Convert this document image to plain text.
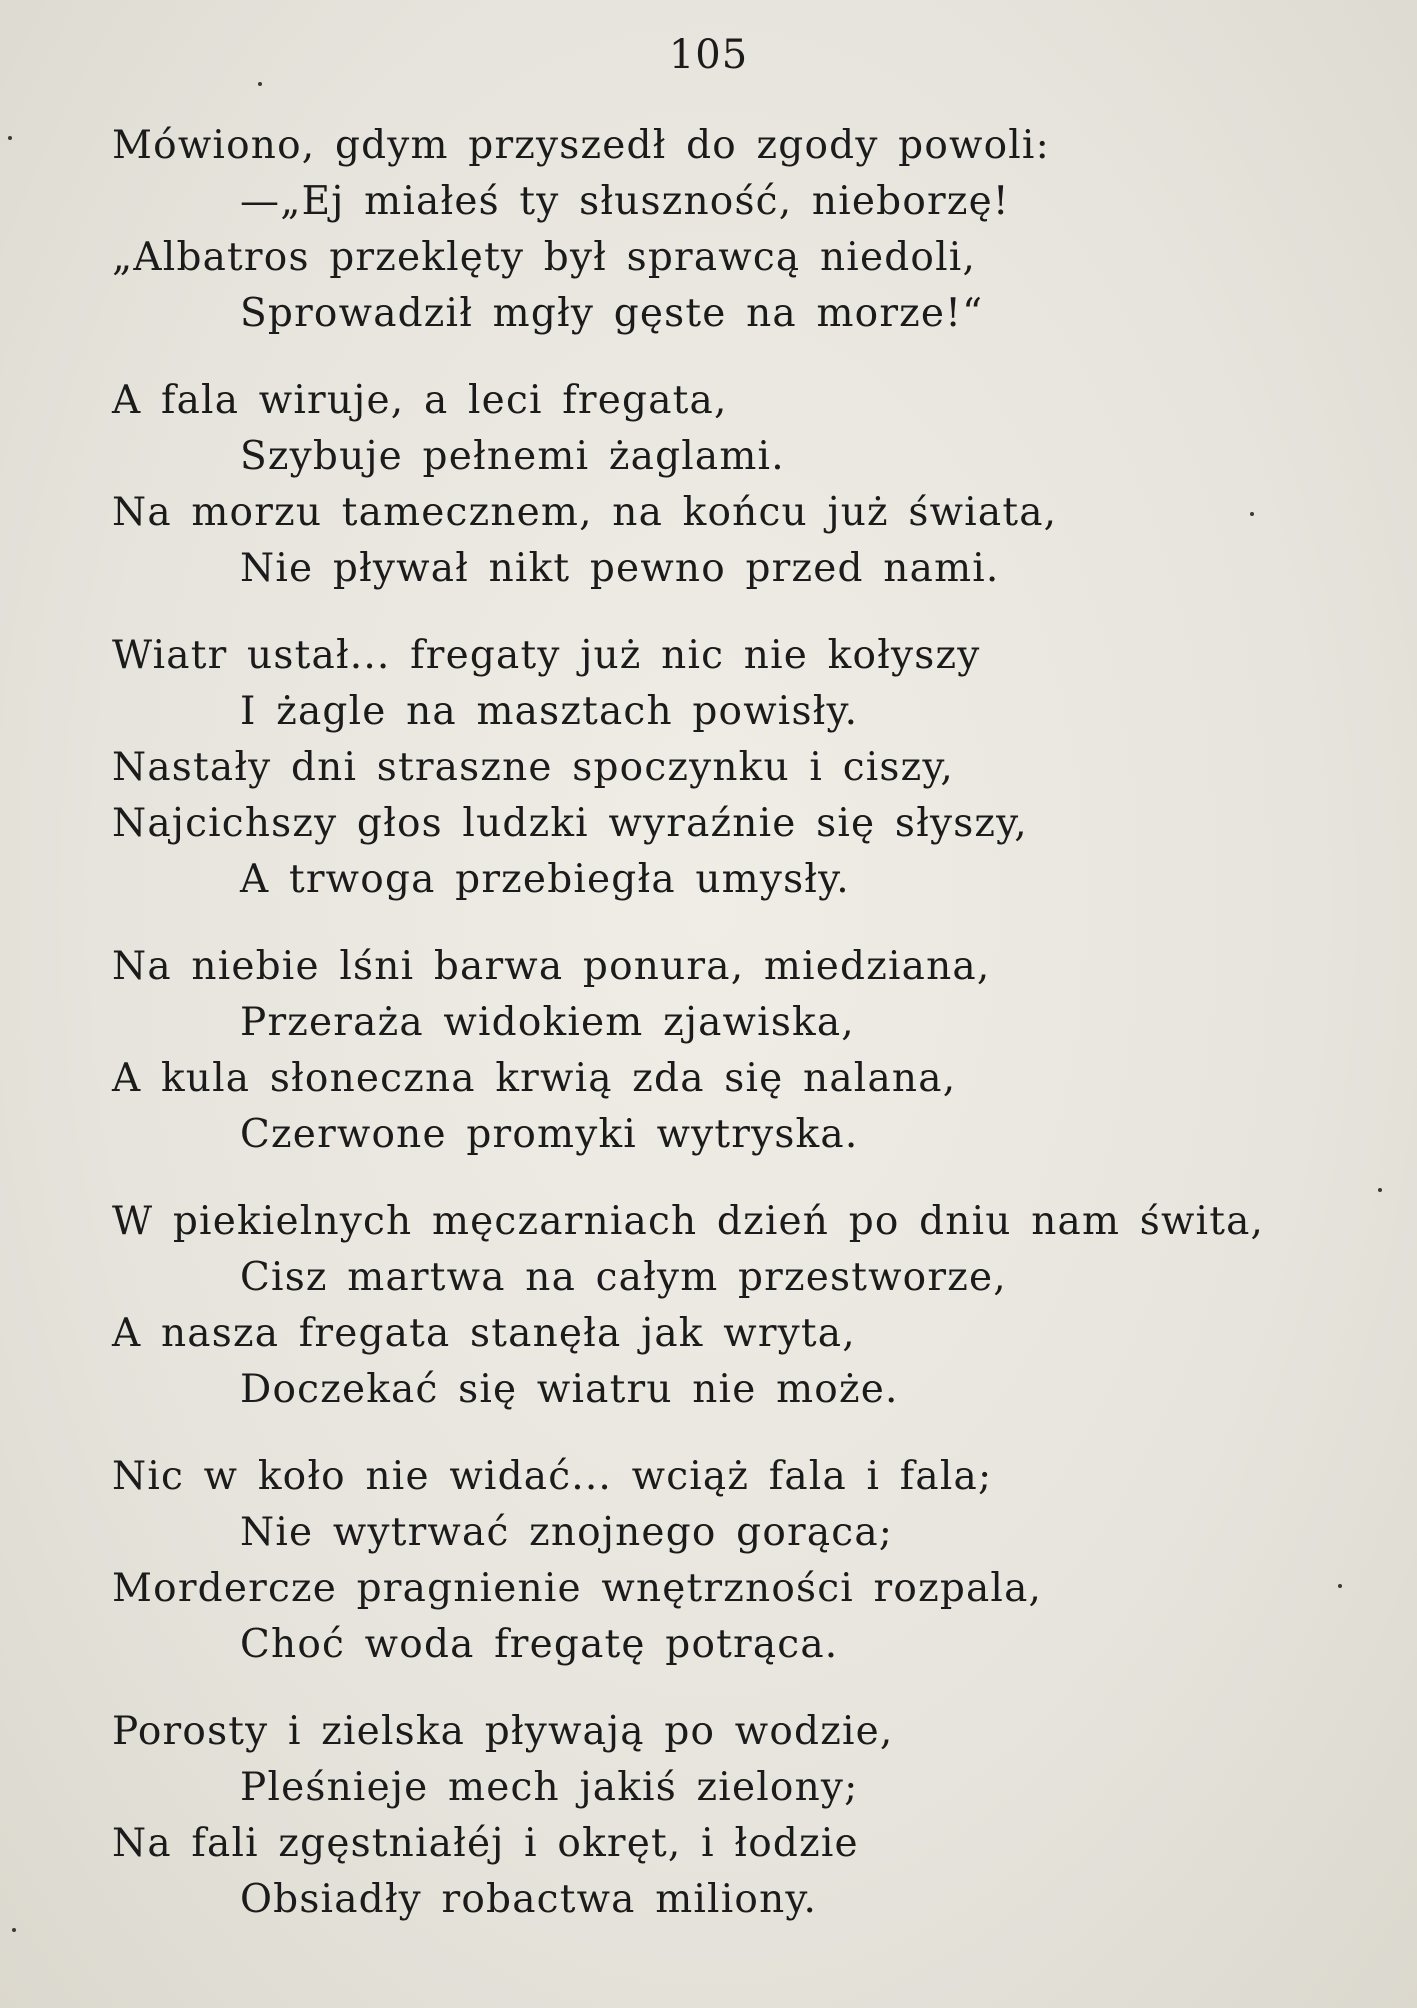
105
Mówiono, gdym przyszedł do zgody powoli:
—„Ej miałeś ty słuszność, nieborzę!
„Albatros przeklęty był sprawcą niedoli,
Sprowadził mgły gęste na morze!“
A fala wiruje, a leci fregata,
Szybuje pełnemi żaglami.
Na morzu tamecznem, na końcu już świata,
Nie pływał nikt pewno przed nami.
Wiatr ustał... fregaty już nic nie kołyszy
I żagle na masztach powisły.
Nastały dni straszne spoczynku i ciszy,
Najcichszy głos ludzki wyraźnie się słyszy,
A trwoga przebiegła umysły.
Na niebie lśni barwa ponura, miedziana,
Przeraża widokiem zjawiska,
A kula słoneczna krwią zda się nalana,
Czerwone promyki wytryska.
W piekielnych męczarniach dzień po dniu nam świta,
Cisz martwa na całym przestworze,
A nasza fregata stanęła jak wryta,
Doczekać się wiatru nie może.
Nic w koło nie widać... wciąż fala i fala;
Nie wytrwać znojnego gorąca;
Mordercze pragnienie wnętrzności rozpala,
Choć woda fregatę potrąca.
Porosty i zielska pływają po wodzie,
Pleśnieje mech jakiś zielony;
Na fali zgęstniałéj i okręt, i łodzie
Obsiadły robactwa miliony.
